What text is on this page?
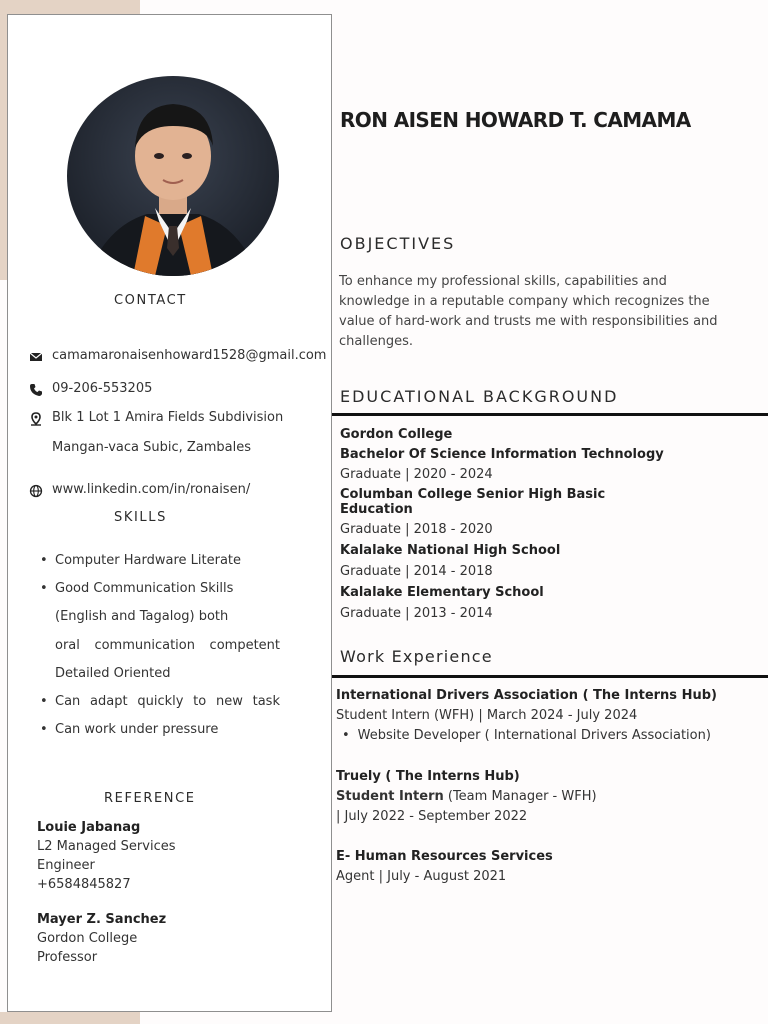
CONTACT
camamaronaisenhoward1528@gmail.com
09-206-553205
Blk 1 Lot 1 Amira Fields Subdivision
Mangan-vaca Subic, Zambales
www.linkedin.com/in/ronaisen/
SKILLS
• Computer Hardware Literate
• Good Communication Skills
(English and Tagalog) both
oral communication competent
Detailed Oriented
• Can adapt quickly to new task
• Can work under pressure
REFERENCE
Louie Jabanag
L2 Managed Services
Engineer
+6584845827
Mayer Z. Sanchez
Gordon College
Professor
RON AISEN HOWARD T. CAMAMA
OBJECTIVES
To enhance my professional skills, capabilities and
knowledge in a reputable company which recognizes the
value of hard-work and trusts me with responsibilities and
challenges.
EDUCATIONAL BACKGROUND
Gordon College
Bachelor Of Science Information Technology
Graduate | 2020 - 2024
Columban College Senior High Basic
Education
Graduate | 2018 - 2020
Kalalake National High School
Graduate | 2014 - 2018
Kalalake Elementary School
Graduate | 2013 - 2014
Work Experience
International Drivers Association ( The Interns Hub)
Student Intern (WFH) | March 2024 - July 2024
• Website Developer ( International Drivers Association)
Truely ( The Interns Hub)
Student Intern (Team Manager - WFH)
| July 2022 - September 2022
E- Human Resources Services
Agent | July - August 2021
